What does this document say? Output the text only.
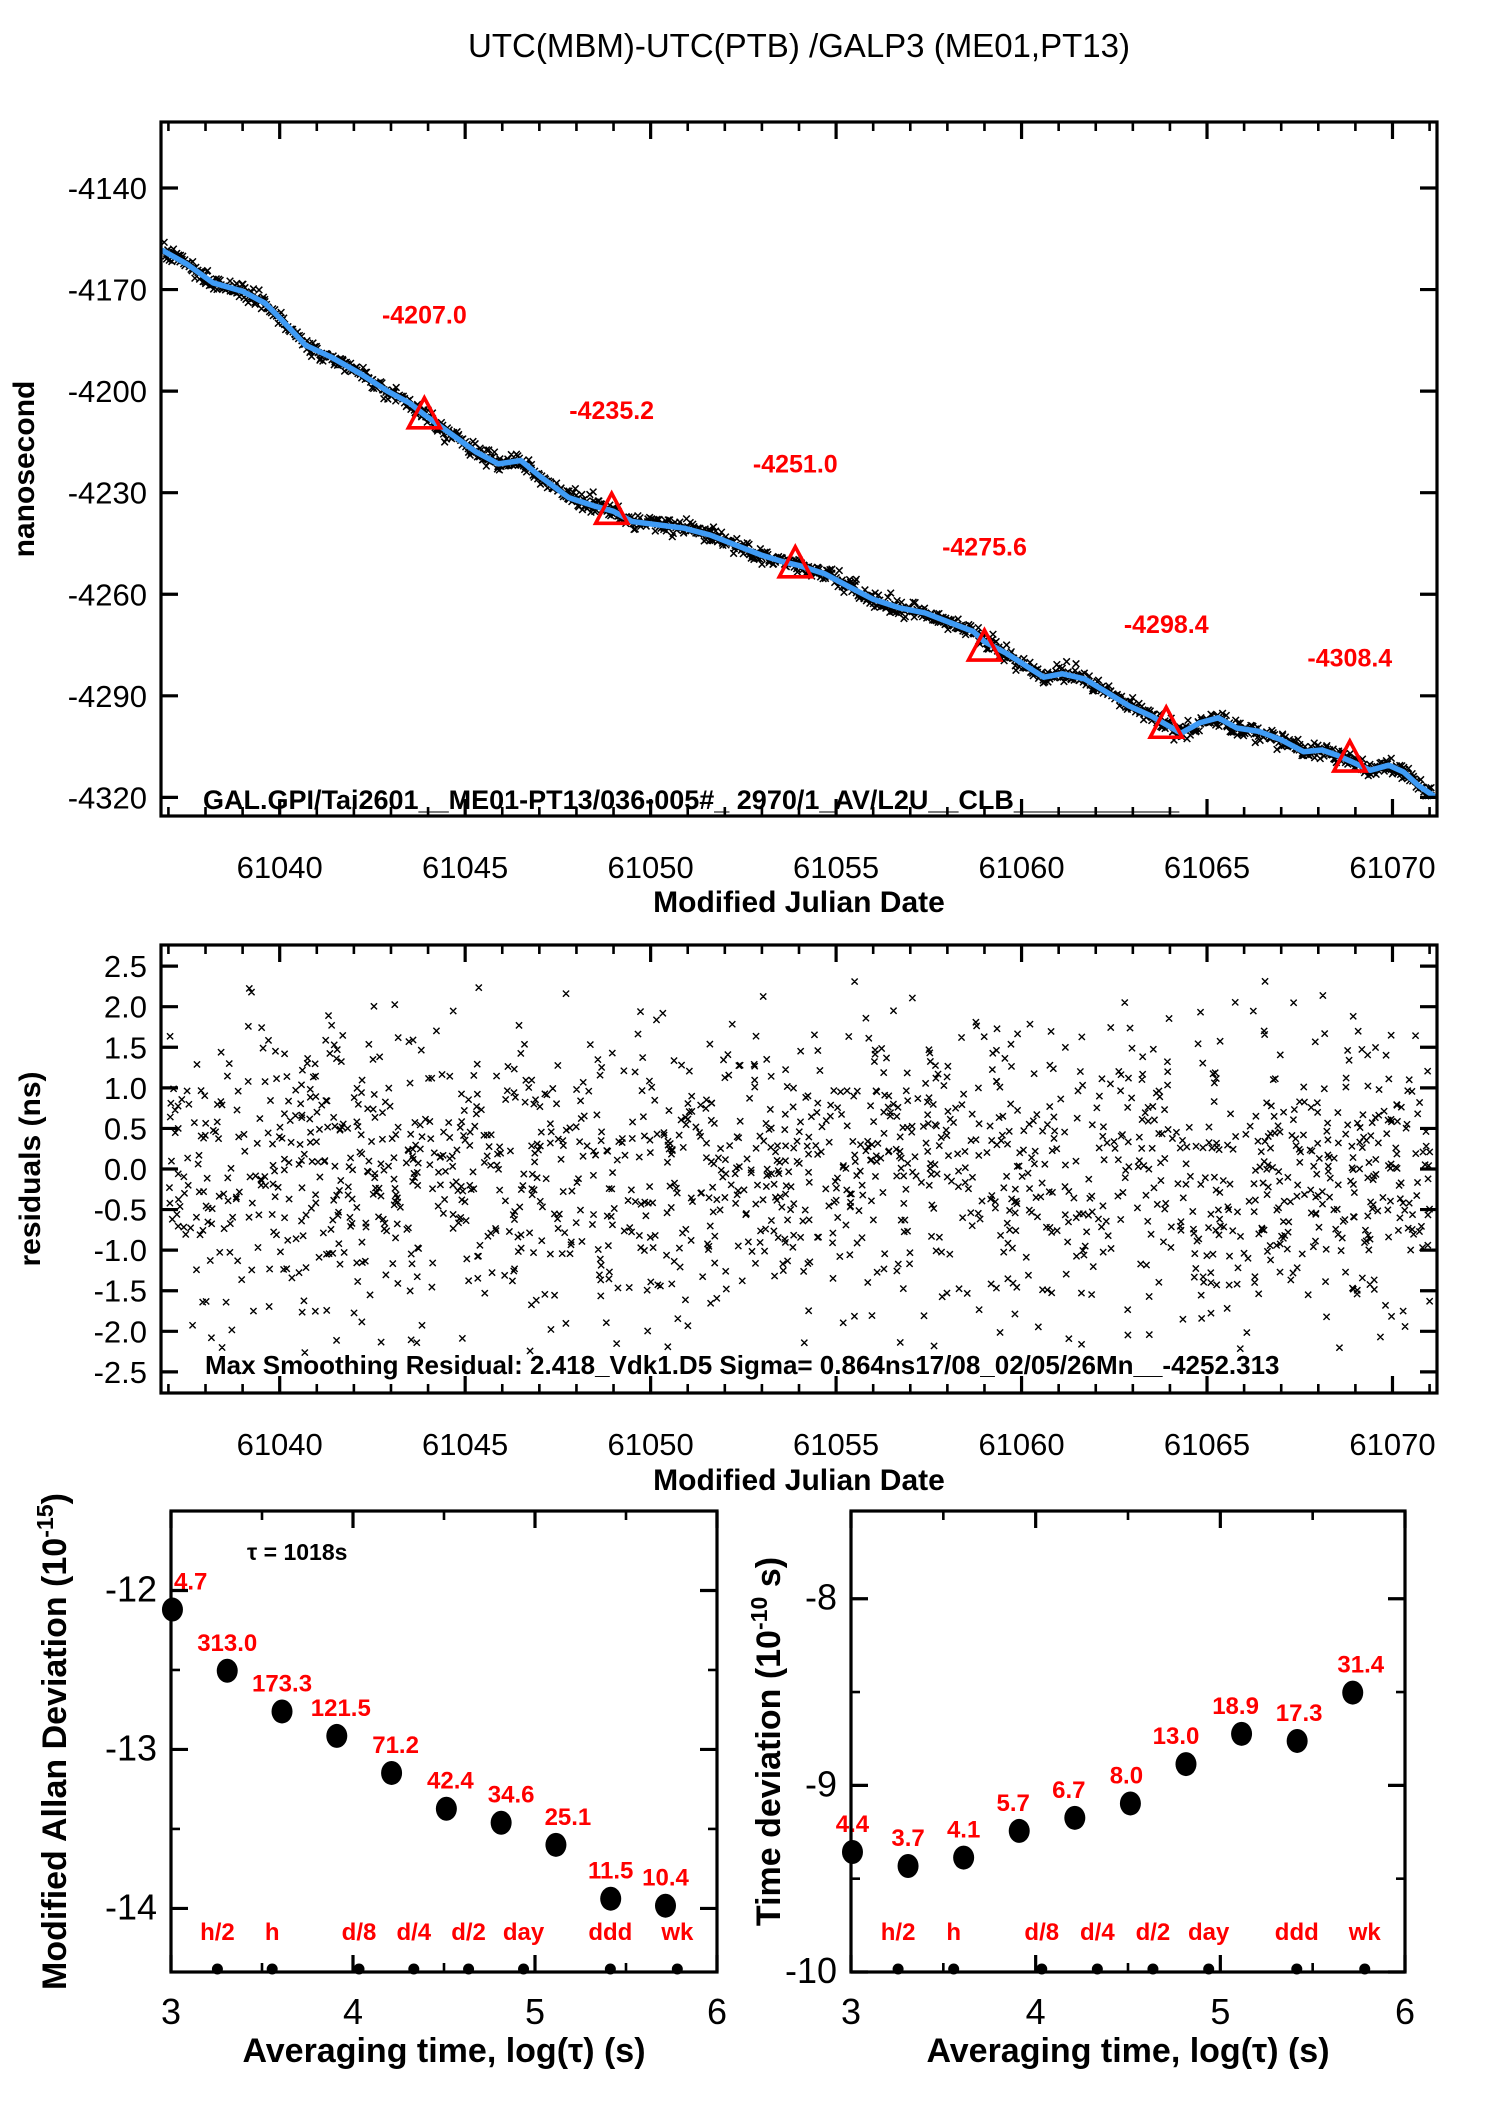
UTC(MBM)-UTC(PTB) /GALP3 (ME01,PT13)
-4207.0
-4235.2
-4251.0
-4275.6
-4298.4
-4308.4
GAL.GPI/Tai2601__ME01-PT13/036-005#_ 2970/1_AV/L2U__CLB___________
61040	61045	61050	61055	61060	61065	61070
-4140
-4170
-4200
-4230
-4260
-4290
-4320
Modified Julian Date
nanosecond
Max Smoothing Residual: 2.418_Vdk1.D5 Sigma= 0.864ns17/08_02/05/26Mn__-4252.313
61040	61045	61050	61055	61060	61065	61070
2.5
2.0
1.5
1.0
0.5
0.0
-0.5
-1.0
-1.5
-2.0
-2.5
Modified Julian Date
residuals (ns)
4.7
313.0
173.3
121.5
71.2
42.4
34.6
25.1
11.5 10.4
h/2 h	d/8 d/4 d/2 day ddd wk
τ = 1018s
3	4	5	6
-12
-13
-14
Averaging time, log(τ) (s)
Modified Allan Deviation $(10^{-15})$
4.4
3.7 4.1
5.7 6.7
8.0
13.0
18.9 17.3
31.4
h/2 h	d/8 d/4 d/2 day ddd wk
3	4	5	6
-8
-9
-10
Averaging time, log(τ) (s)
Time deviation ($10^{-10}$ s)
